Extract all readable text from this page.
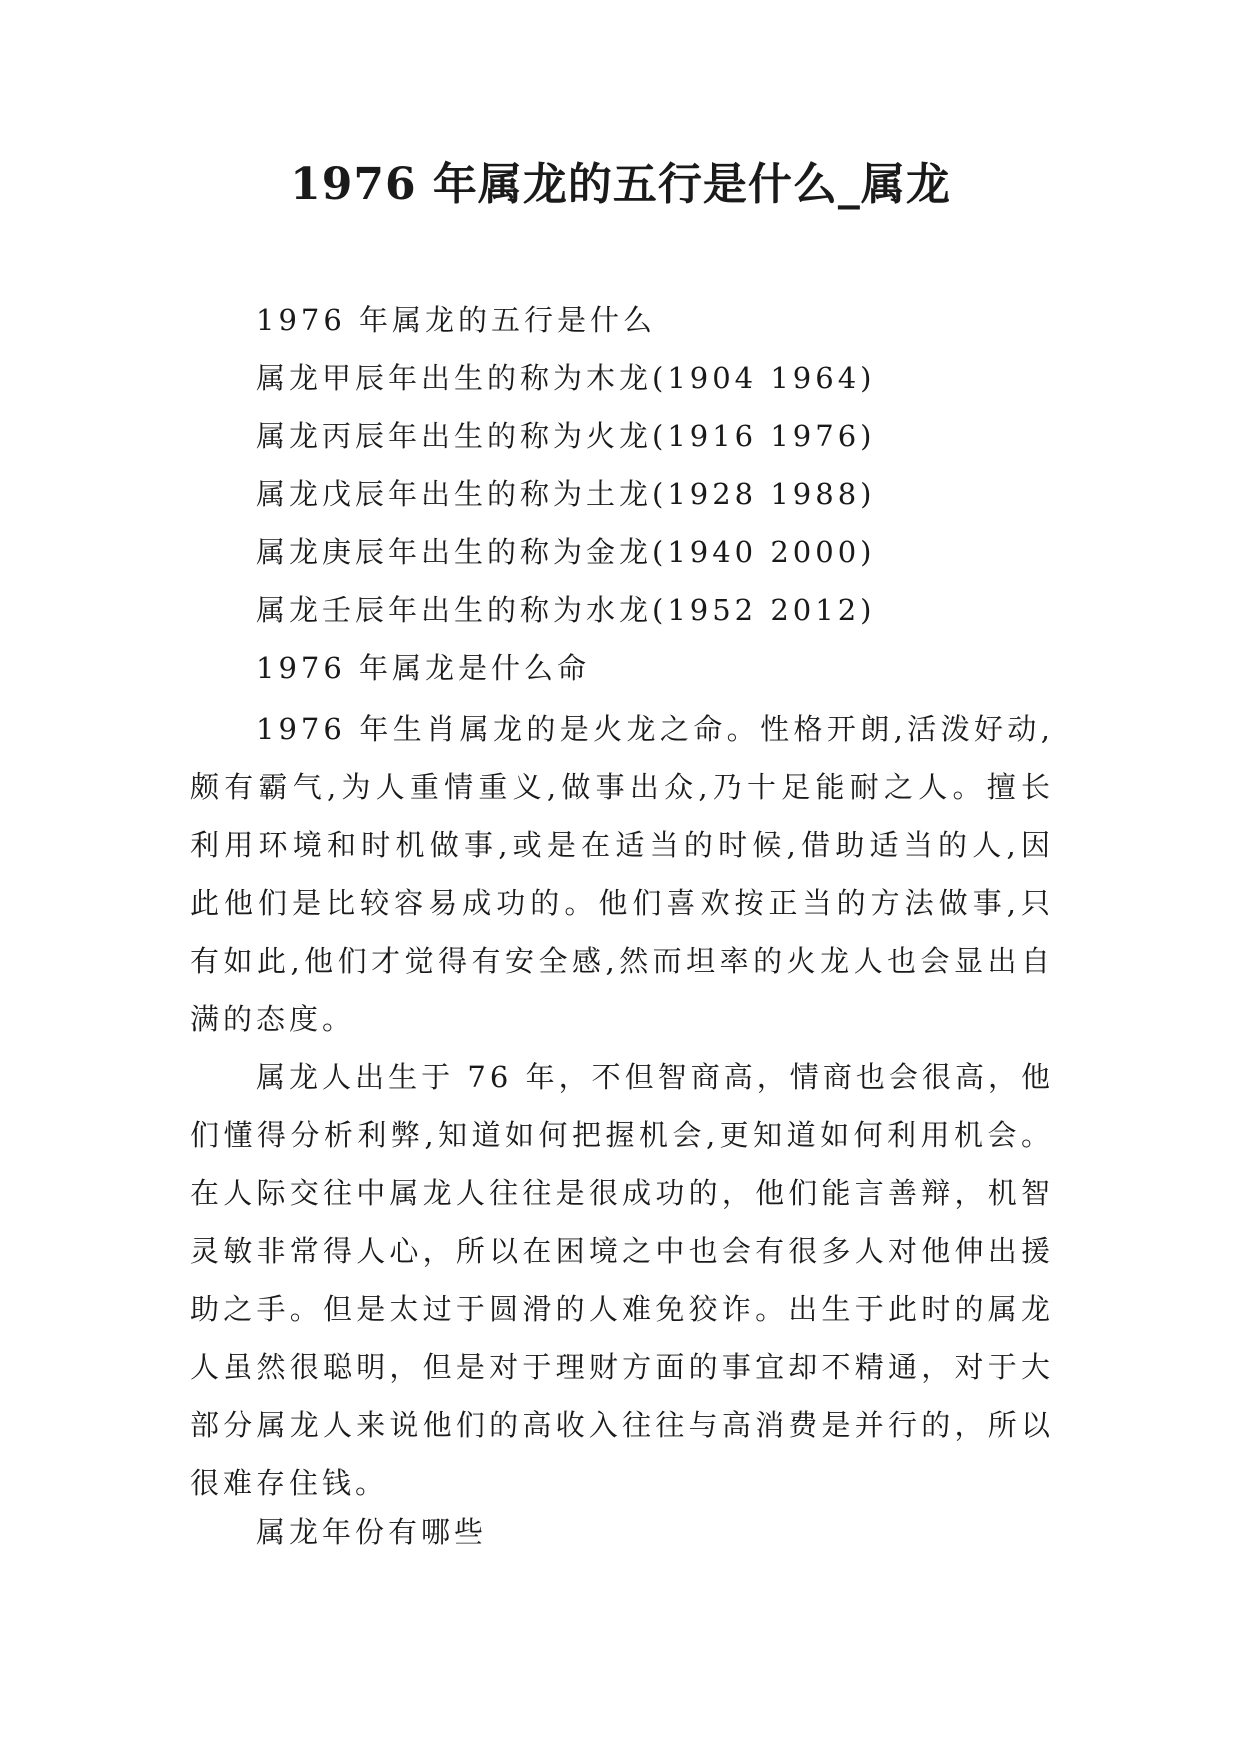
1976 年属龙的五行是什么_属龙
1976 年属龙的五行是什么
属龙甲辰年出生的称为木龙(1904 1964)
属龙丙辰年出生的称为火龙(1916 1976)
属龙戊辰年出生的称为土龙(1928 1988)
属龙庚辰年出生的称为金龙(1940 2000)
属龙壬辰年出生的称为水龙(1952 2012)
1976 年属龙是什么命

1976 年生肖属龙的是火龙之命。性格开朗,活泼好动,颇有霸气,为人重情重义,做事出众,乃十足能耐之人。擅长利用环境和时机做事,或是在适当的时候,借助适当的人,因此他们是比较容易成功的。他们喜欢按正当的方法做事,只有如此,他们才觉得有安全感,然而坦率的火龙人也会显出自满的态度。

属龙人出生于 76 年，不但智商高，情商也会很高，他们懂得分析利弊,知道如何把握机会,更知道如何利用机会。在人际交往中属龙人往往是很成功的，他们能言善辩，机智灵敏非常得人心，所以在困境之中也会有很多人对他伸出援助之手。但是太过于圆滑的人难免狡诈。出生于此时的属龙人虽然很聪明，但是对于理财方面的事宜却不精通，对于大部分属龙人来说他们的高收入往往与高消费是并行的，所以很难存住钱。

属龙年份有哪些
